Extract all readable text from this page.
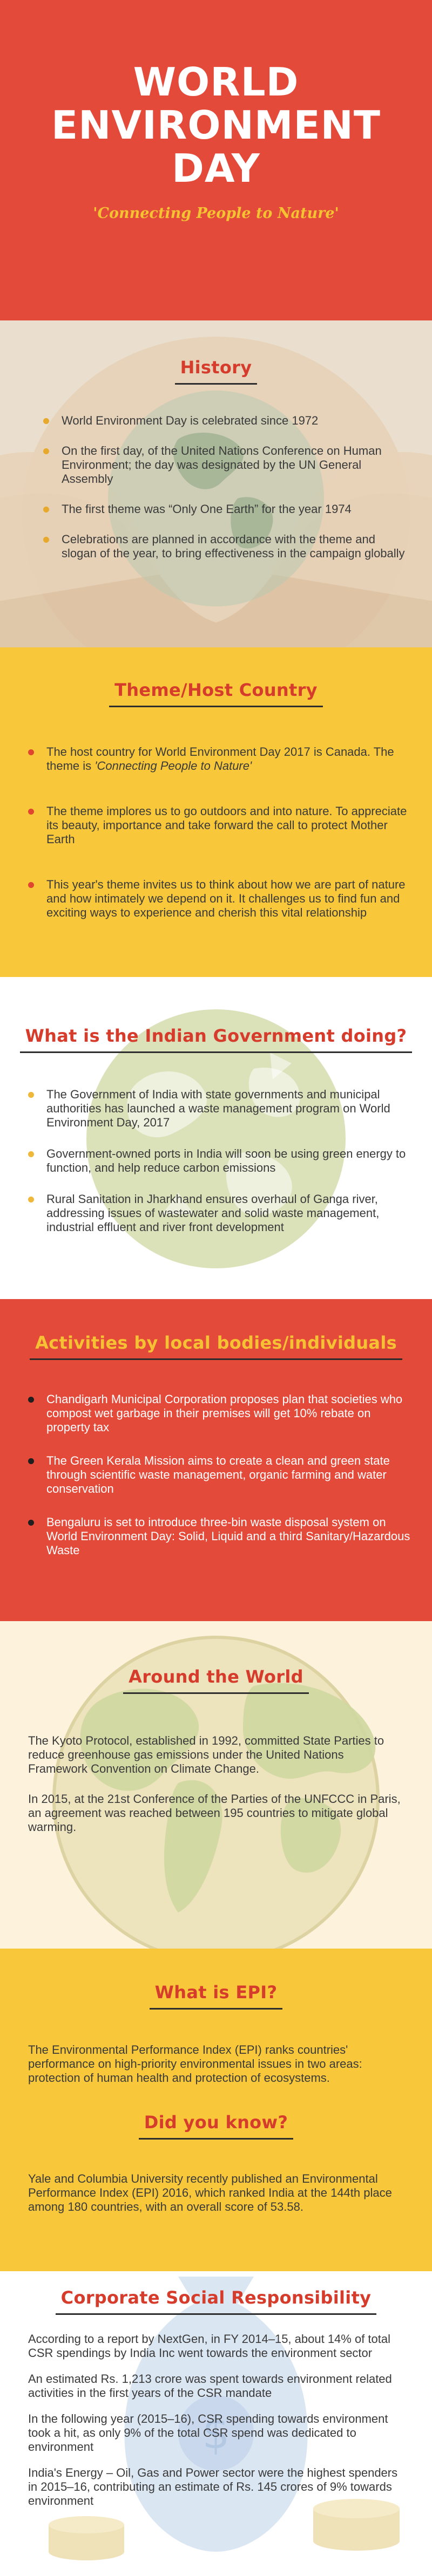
WORLD
ENVIRONMENT
DAY
'Connecting People to Nature'
History
World Environment Day is celebrated since 1972
On the first day, of the United Nations Conference on Human Environment; the day was designated by the UN General Assembly
The first theme was “Only One Earth” for the year 1974
Celebrations are planned in accordance with the theme and slogan of the year, to bring effectiveness in the campaign globally
Theme/Host Country
The host country for World Environment Day 2017 is Canada. The theme is 'Connecting People to Nature'
The theme implores us to go outdoors and into nature. To appreciate its beauty, importance and take forward the call to protect Mother Earth
This year's theme invites us to think about how we are part of nature and how intimately we depend on it. It challenges us to find fun and exciting ways to experience and cherish this vital relationship
What is the Indian Government doing?
The Government of India with state governments and municipal authorities has launched a waste management program on World Environment Day, 2017
Government-owned ports in India will soon be using green energy to function, and help reduce carbon emissions
Rural Sanitation in Jharkhand ensures overhaul of Ganga river, addressing issues of wastewater and solid waste management, industrial effluent and river front development
Activities by local bodies/individuals
Chandigarh Municipal Corporation proposes plan that societies who compost wet garbage in their premises will get 10% rebate on property tax
The Green Kerala Mission aims to create a clean and green state through scientific waste management, organic farming and water conservation
Bengaluru is set to introduce three-bin waste disposal system on World Environment Day: Solid, Liquid and a third Sanitary/Hazardous Waste
Around the World
The Kyoto Protocol, established in 1992, committed State Parties to reduce greenhouse gas emissions under the United Nations Framework Convention on Climate Change.
In 2015, at the 21st Conference of the Parties of the UNFCCC in Paris, an agreement was reached between 195 countries to mitigate global warming.
What is EPI?
The Environmental Performance Index (EPI) ranks countries' performance on high-priority environmental issues in two areas: protection of human health and protection of ecosystems.
Did you know?
Yale and Columbia University recently published an Environmental Performance Index (EPI) 2016, which ranked India at the 144th place among 180 countries, with an overall score of 53.58.
$
Corporate Social Responsibility
According to a report by NextGen, in FY 2014–15, about 14% of total CSR spendings by India Inc went towards the environment sector
An estimated Rs. 1,213 crore was spent towards environment related activities in the first years of the CSR mandate
In the following year (2015–16), CSR spending towards environment took a hit, as only 9% of the total CSR spend was dedicated to environment
India's Energy – Oil, Gas and Power sector were the highest spenders in 2015–16, contributing an estimate of Rs. 145 crores of 9% towards environment
